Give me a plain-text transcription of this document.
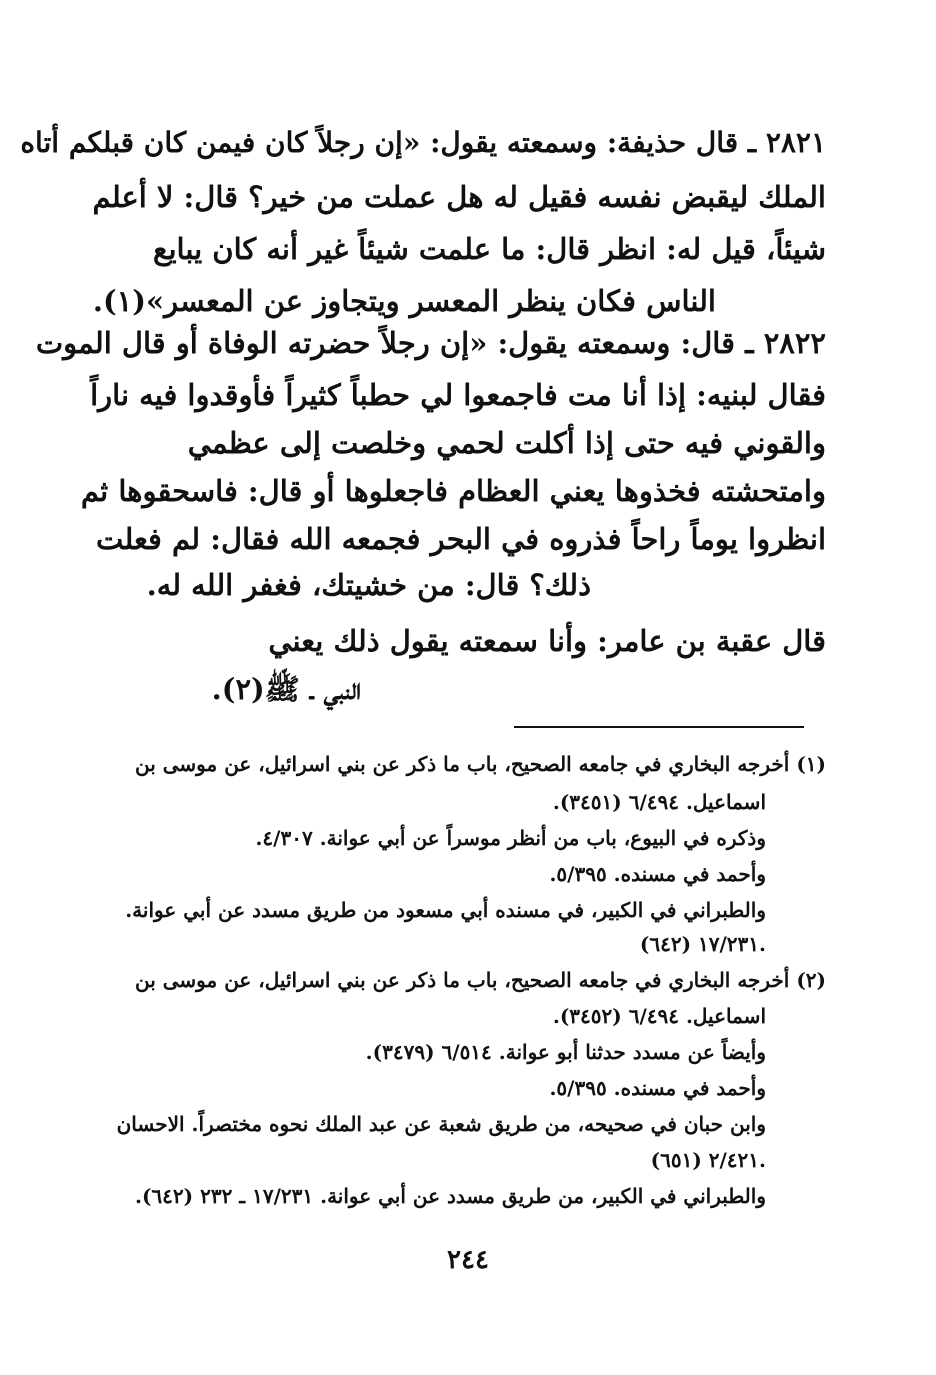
٢٨٢١ ـ قال حذيفة: وسمعته يقول: «إن رجلاً كان فيمن كان قبلكم أتاه
الملك ليقبض نفسه فقيل له هل عملت من خير؟ قال: لا أعلم
شيئاً، قيل له: انظر قال: ما علمت شيئاً غير أنه كان يبايع
الناس فكان ينظر المعسر ويتجاوز عن المعسر»(١).
٢٨٢٢ ـ قال: وسمعته يقول: «إن رجلاً حضرته الوفاة أو قال الموت
فقال لبنيه: إذا أنا مت فاجمعوا لي حطباً كثيراً فأوقدوا فيه ناراً
والقوني فيه حتى إذا أكلت لحمي وخلصت إلى عظمي
وامتحشته فخذوها يعني العظام فاجعلوها أو قال: فاسحقوها ثم
انظروا يوماً راحاً فذروه في البحر فجمعه الله فقال: لم فعلت
ذلك؟ قال: من خشيتك، فغفر الله له.
قال عقبة بن عامر: وأنا سمعته يقول ذلك يعني
النبي ـ ﷺ(٢).
(١) أخرجه البخاري في جامعه الصحيح، باب ما ذكر عن بني اسرائيل، عن موسى بن
اسماعيل. ٦/٤٩٤ (٣٤٥١).
وذكره في البيوع، باب من أنظر موسراً عن أبي عوانة. ٤/٣٠٧.
وأحمد في مسنده. ٥/٣٩٥.
والطبراني في الكبير، في مسنده أبي مسعود من طريق مسدد عن أبي عوانة.
١٧/٢٣١ (٦٤٢).
(٢) أخرجه البخاري في جامعه الصحيح، باب ما ذكر عن بني اسرائيل، عن موسى بن
اسماعيل. ٦/٤٩٤ (٣٤٥٢).
وأيضاً عن مسدد حدثنا أبو عوانة. ٦/٥١٤ (٣٤٧٩).
وأحمد في مسنده. ٥/٣٩٥.
وابن حبان في صحيحه، من طريق شعبة عن عبد الملك نحوه مختصراً. الاحسان
٢/٤٢١ (٦٥١).
والطبراني في الكبير، من طريق مسدد عن أبي عوانة. ١٧/٢٣١ ـ ٢٣٢ (٦٤٢).
٢٤٤
